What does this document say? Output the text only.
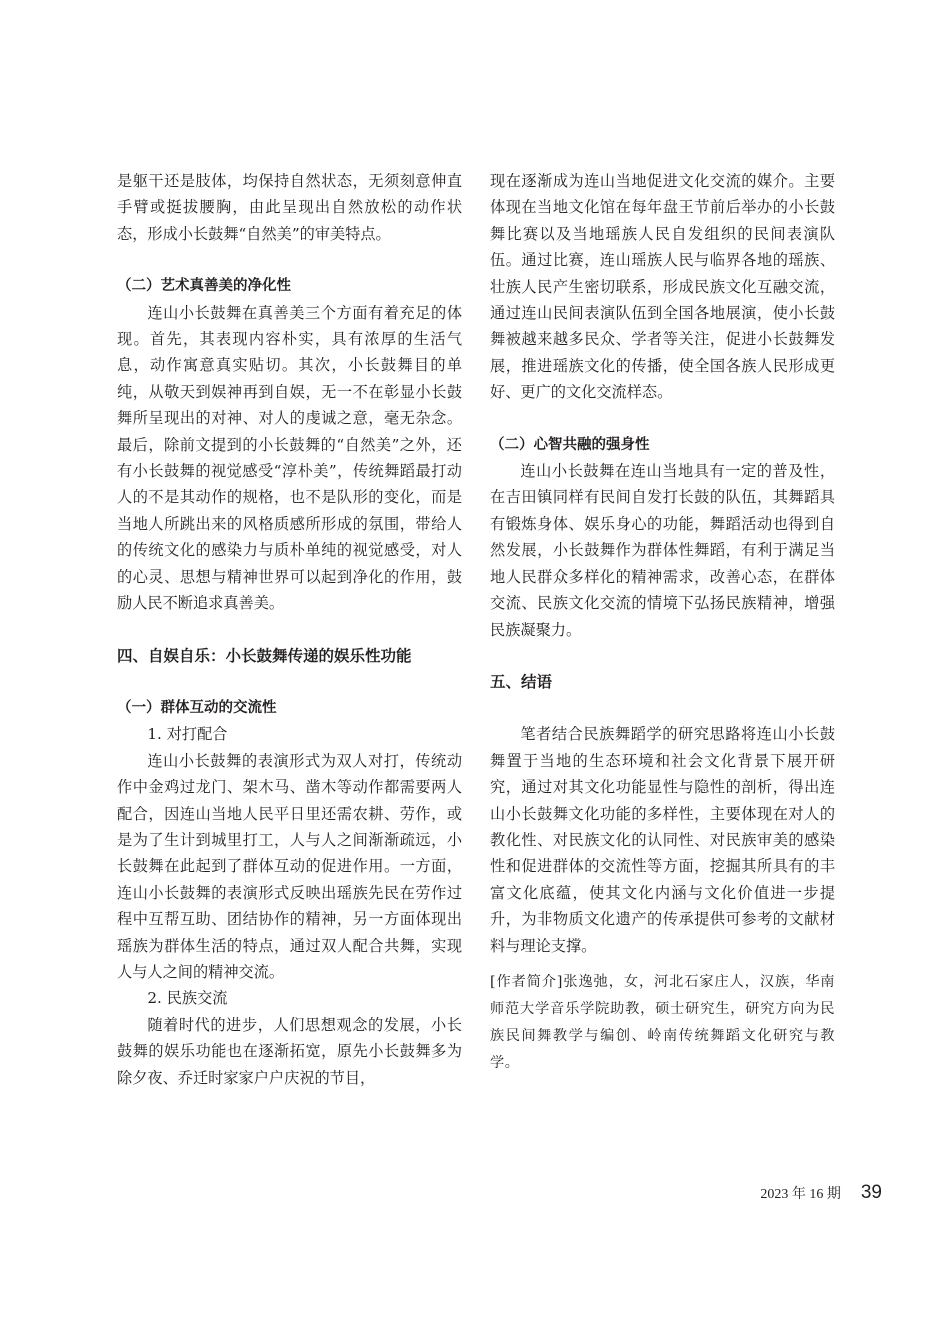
是躯干还是肢体，均保持自然状态，无须刻意伸直手臂或挺拔腰胸，由此呈现出自然放松的动作状态，形成小长鼓舞“自然美”的审美特点。

（二）艺术真善美的净化性

连山小长鼓舞在真善美三个方面有着充足的体现。首先，其表现内容朴实，具有浓厚的生活气息，动作寓意真实贴切。其次，小长鼓舞目的单纯，从敬天到娱神再到自娱，无一不在彰显小长鼓舞所呈现出的对神、对人的虔诚之意，毫无杂念。最后，除前文提到的小长鼓舞的“自然美”之外，还有小长鼓舞的视觉感受“淳朴美”，传统舞蹈最打动人的不是其动作的规格，也不是队形的变化，而是当地人所跳出来的风格质感所形成的氛围，带给人的传统文化的感染力与质朴单纯的视觉感受，对人的心灵、思想与精神世界可以起到净化的作用，鼓励人民不断追求真善美。

四、自娱自乐：小长鼓舞传递的娱乐性功能
（一）群体互动的交流性

1. 对打配合

连山小长鼓舞的表演形式为双人对打，传统动作中金鸡过龙门、架木马、凿木等动作都需要两人配合，因连山当地人民平日里还需农耕、劳作，或是为了生计到城里打工，人与人之间渐渐疏远，小长鼓舞在此起到了群体互动的促进作用。一方面，连山小长鼓舞的表演形式反映出瑶族先民在劳作过程中互帮互助、团结协作的精神，另一方面体现出瑶族为群体生活的特点，通过双人配合共舞，实现人与人之间的精神交流。

2. 民族交流

随着时代的进步，人们思想观念的发展，小长鼓舞的娱乐功能也在逐渐拓宽，原先小长鼓舞多为除夕夜、乔迁时家家户户庆祝的节目，

现在逐渐成为连山当地促进文化交流的媒介。主要体现在当地文化馆在每年盘王节前后举办的小长鼓舞比赛以及当地瑶族人民自发组织的民间表演队伍。通过比赛，连山瑶族人民与临界各地的瑶族、壮族人民产生密切联系，形成民族文化互融交流，通过连山民间表演队伍到全国各地展演，使小长鼓舞被越来越多民众、学者等关注，促进小长鼓舞发展，推进瑶族文化的传播，使全国各族人民形成更好、更广的文化交流样态。

（二）心智共融的强身性

连山小长鼓舞在连山当地具有一定的普及性，在吉田镇同样有民间自发打长鼓的队伍，其舞蹈具有锻炼身体、娱乐身心的功能，舞蹈活动也得到自然发展，小长鼓舞作为群体性舞蹈，有利于满足当地人民群众多样化的精神需求，改善心态，在群体交流、民族文化交流的情境下弘扬民族精神，增强民族凝聚力。

五、结语

笔者结合民族舞蹈学的研究思路将连山小长鼓舞置于当地的生态环境和社会文化背景下展开研究，通过对其文化功能显性与隐性的剖析，得出连山小长鼓舞文化功能的多样性，主要体现在对人的教化性、对民族文化的认同性、对民族审美的感染性和促进群体的交流性等方面，挖掘其所具有的丰富文化底蕴，使其文化内涵与文化价值进一步提升，为非物质文化遗产的传承提供可参考的文献材料与理论支撑。

[作者简介]张逸弛，女，河北石家庄人，汉族，华南师范大学音乐学院助教，硕士研究生，研究方向为民族民间舞教学与编创、岭南传统舞蹈文化研究与教学。

2023 年 16 期 39
